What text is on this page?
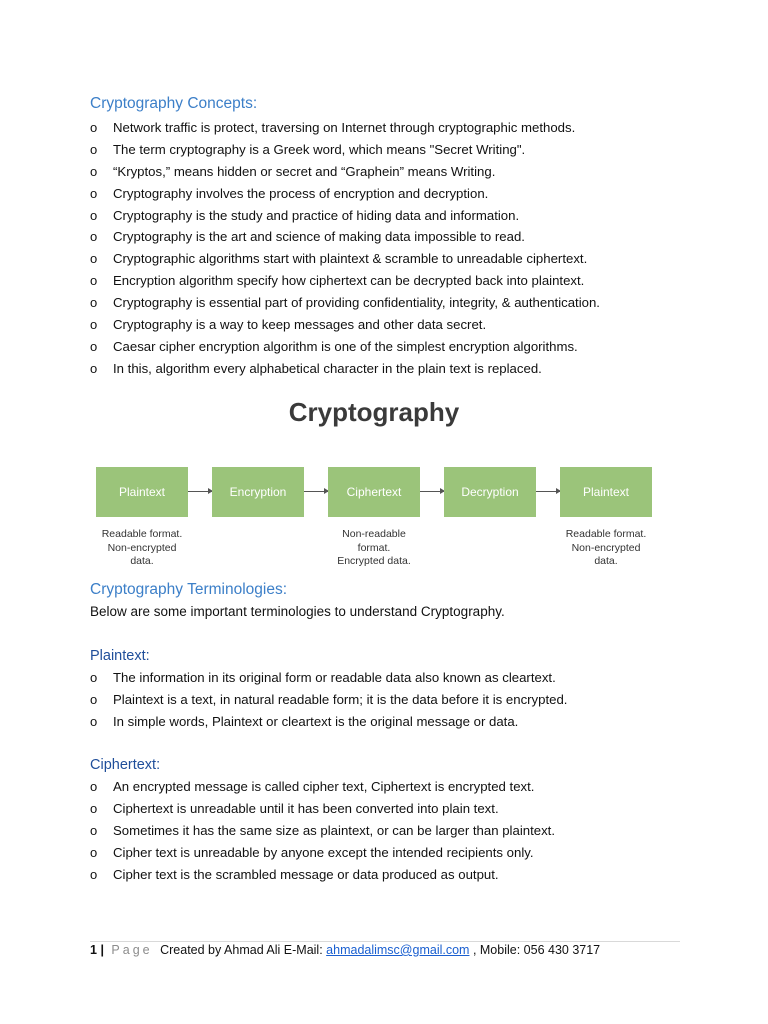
Cryptography Concepts:
o Network traffic is protect, traversing on Internet through cryptographic methods.
o The term cryptography is a Greek word, which means "Secret Writing".
o “Kryptos,” means hidden or secret and “Graphein” means Writing.
o Cryptography involves the process of encryption and decryption.
o Cryptography is the study and practice of hiding data and information.
o Cryptography is the art and science of making data impossible to read.
o Cryptographic algorithms start with plaintext & scramble to unreadable ciphertext.
o Encryption algorithm specify how ciphertext can be decrypted back into plaintext.
o Cryptography is essential part of providing confidentiality, integrity, & authentication.
o Cryptography is a way to keep messages and other data secret.
o Caesar cipher encryption algorithm is one of the simplest encryption algorithms.
o In this, algorithm every alphabetical character in the plain text is replaced.
Cryptography
Plaintext	Encryption	Ciphertext	Decryption	Plaintext
Readable format.
Non-encrypted
data.
Non-readable
format.
Encrypted data.
Readable format.
Non-encrypted
data.
Cryptography Terminologies:
Below are some important terminologies to understand Cryptography.
Plaintext:
o The information in its original form or readable data also known as cleartext.
o Plaintext is a text, in natural readable form; it is the data before it is encrypted.
o In simple words, Plaintext or cleartext is the original message or data.
Ciphertext:
o An encrypted message is called cipher text, Ciphertext is encrypted text.
o Ciphertext is unreadable until it has been converted into plain text.
o Sometimes it has the same size as plaintext, or can be larger than plaintext.
o Cipher text is unreadable by anyone except the intended recipients only.
o Cipher text is the scrambled message or data produced as output.
1 | Page Created by Ahmad Ali E-Mail: ahmadalimsc@gmail.com , Mobile: 056 430 3717
